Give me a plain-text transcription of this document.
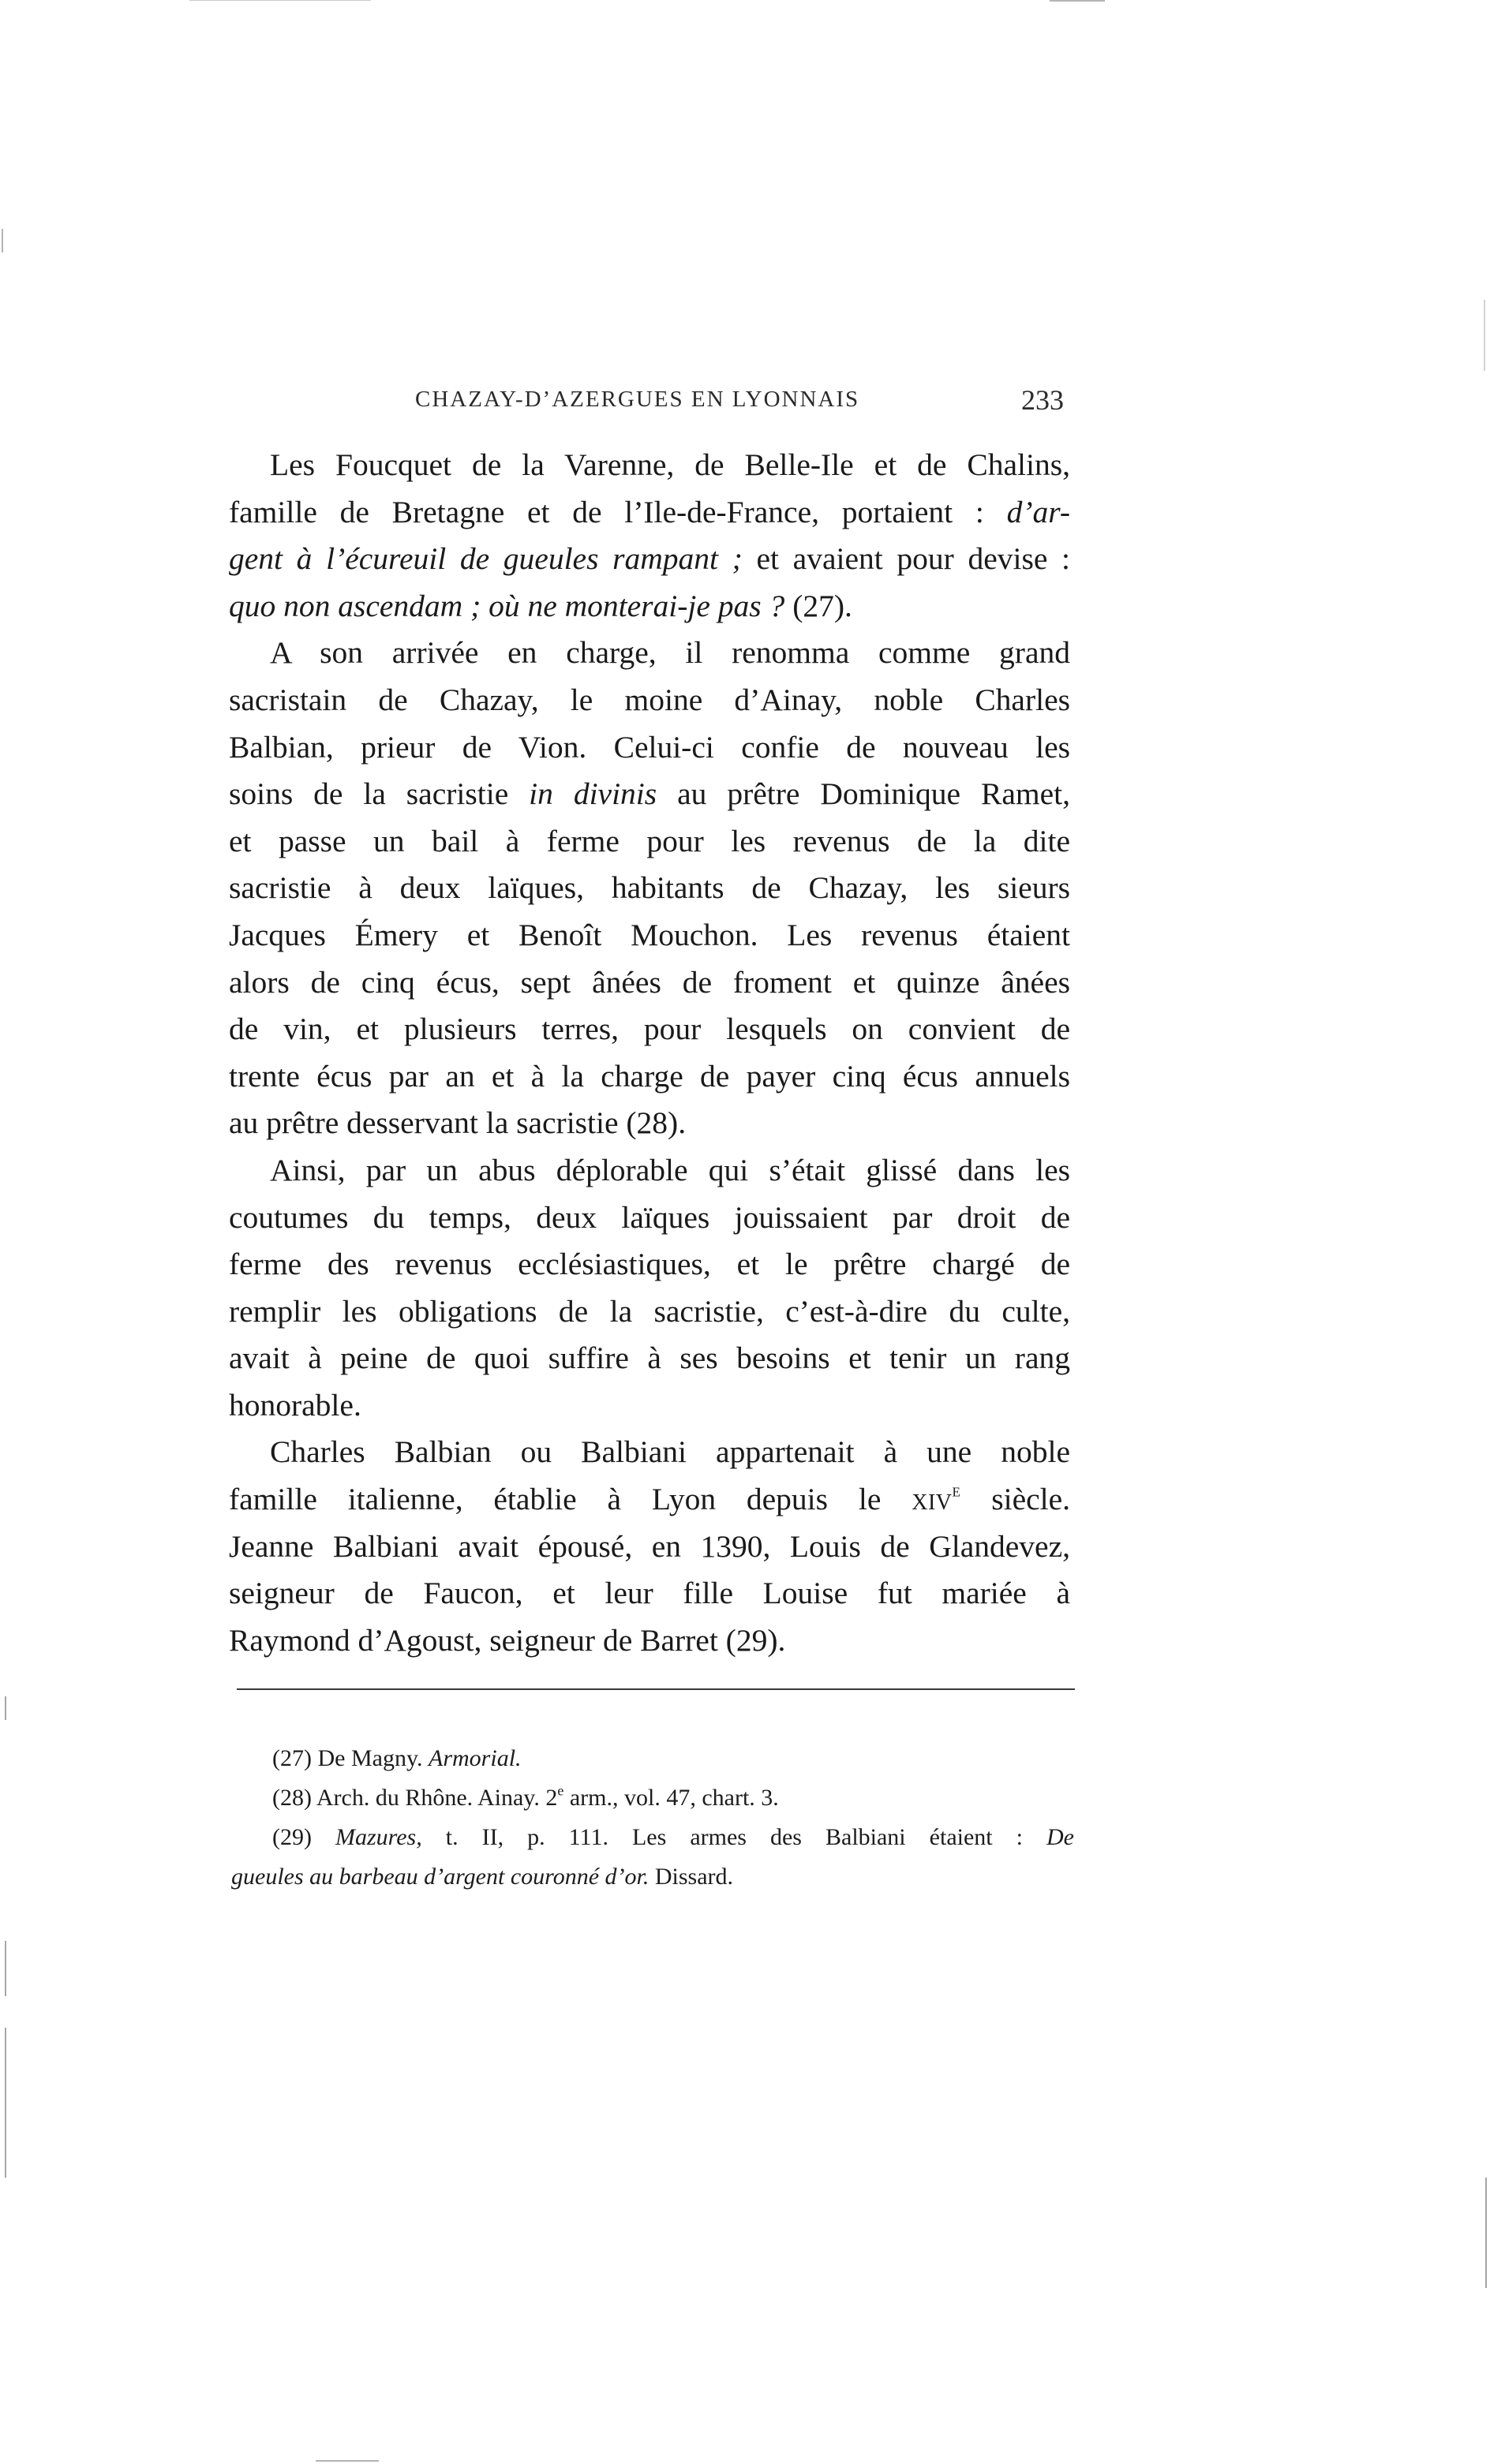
CHAZAY-D’AZERGUES EN LYONNAIS	233
Les Foucquet de la Varenne, de Belle-Ile et de Chalins,
famille de Bretagne et de l’Ile-de-France, portaient : d’ar-
gent à l’écureuil de gueules rampant ; et avaient pour devise :
quo non ascendam ; où ne monterai-je pas ? (27).
A son arrivée en charge, il renomma comme grand
sacristain de Chazay, le moine d’Ainay, noble Charles
Balbian, prieur de Vion. Celui-ci confie de nouveau les
soins de la sacristie in divinis au prêtre Dominique Ramet,
et passe un bail à ferme pour les revenus de la dite
sacristie à deux laïques, habitants de Chazay, les sieurs
Jacques Émery et Benoît Mouchon. Les revenus étaient
alors de cinq écus, sept ânées de froment et quinze ânées
de vin, et plusieurs terres, pour lesquels on convient de
trente écus par an et à la charge de payer cinq écus annuels
au prêtre desservant la sacristie (28).
Ainsi, par un abus déplorable qui s’était glissé dans les
coutumes du temps, deux laïques jouissaient par droit de
ferme des revenus ecclésiastiques, et le prêtre chargé de
remplir les obligations de la sacristie, c’est-à-dire du culte,
avait à peine de quoi suffire à ses besoins et tenir un rang
honorable.
Charles Balbian ou Balbiani appartenait à une noble
famille italienne, établie à Lyon depuis le xiv$^e$ siècle.
Jeanne Balbiani avait épousé, en 1390, Louis de Glandevez,
seigneur de Faucon, et leur fille Louise fut mariée à
Raymond d’Agoust, seigneur de Barret (29).
(27) De Magny. Armorial.
(28) Arch. du Rhône. Ainay. 2e arm., vol. 47, chart. 3.
(29) Mazures, t. II, p. 111. Les armes des Balbiani étaient : De
gueules au barbeau d’argent couronné d’or. Dissard.
